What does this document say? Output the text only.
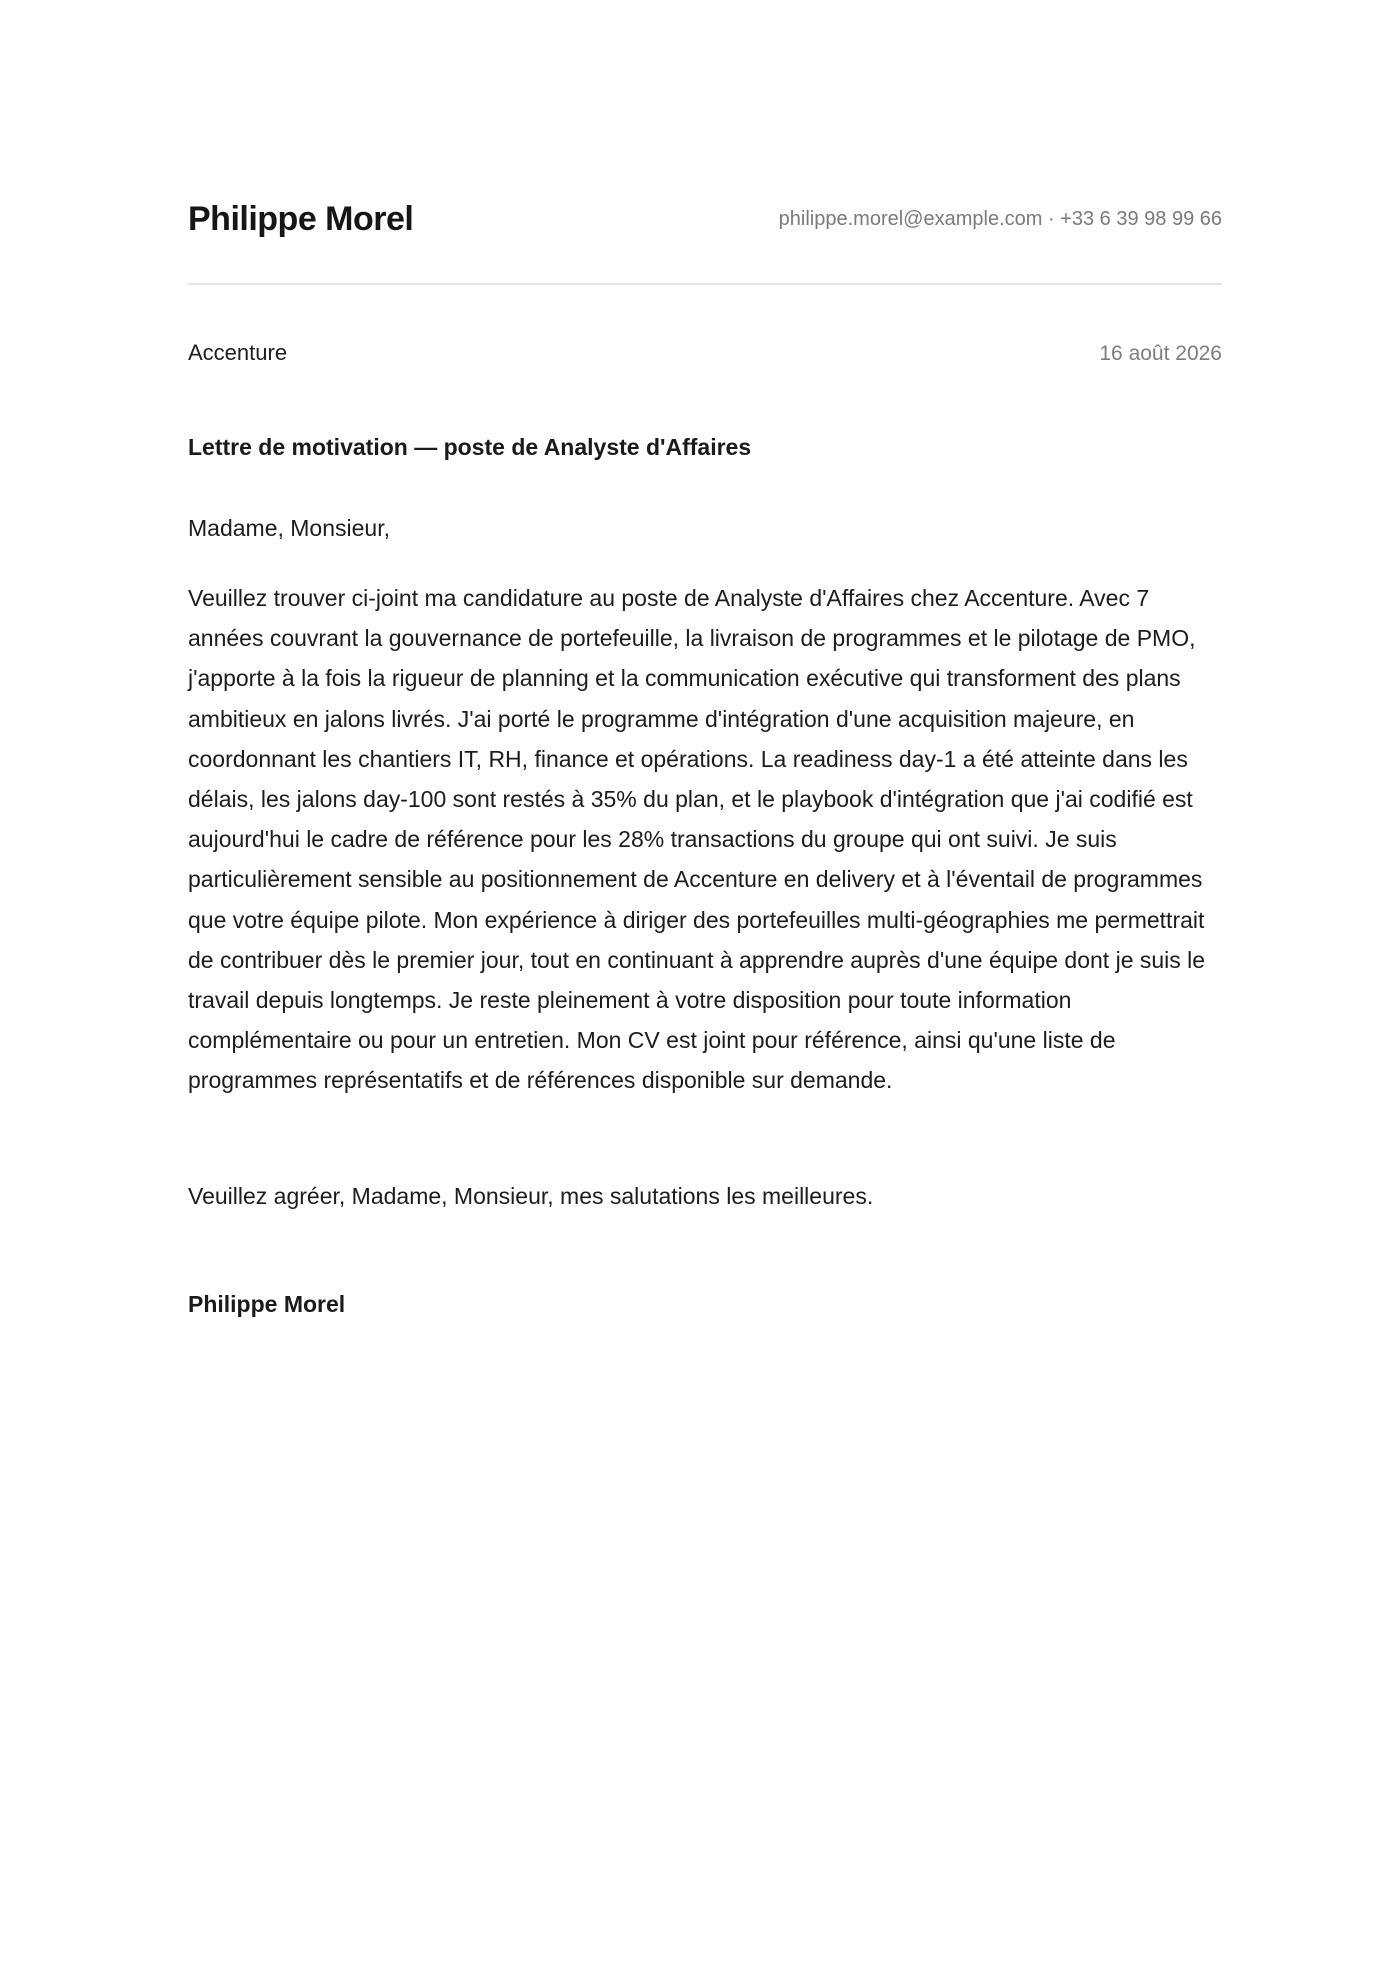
Philippe Morel	philippe.morel@example.com · +33 6 39 98 99 66
Accenture	16 août 2026
Lettre de motivation — poste de Analyste d'Affaires
Madame, Monsieur,

Veuillez trouver ci-joint ma candidature au poste de Analyste d'Affaires chez Accenture. Avec 7 années couvrant la gouvernance de portefeuille, la livraison de programmes et le pilotage de PMO, j'apporte à la fois la rigueur de planning et la communication exécutive qui transforment des plans ambitieux en jalons livrés. J'ai porté le programme d'intégration d'une acquisition majeure, en coordonnant les chantiers IT, RH, finance et opérations. La readiness day-1 a été atteinte dans les délais, les jalons day-100 sont restés à 35% du plan, et le playbook d'intégration que j'ai codifié est aujourd'hui le cadre de référence pour les 28% transactions du groupe qui ont suivi. Je suis particulièrement sensible au positionnement de Accenture en delivery et à l'éventail de programmes que votre équipe pilote. Mon expérience à diriger des portefeuilles multi-géographies me permettrait de contribuer dès le premier jour, tout en continuant à apprendre auprès d'une équipe dont je suis le travail depuis longtemps. Je reste pleinement à votre disposition pour toute information complémentaire ou pour un entretien. Mon CV est joint pour référence, ainsi qu'une liste de programmes représentatifs et de références disponible sur demande.

Veuillez agréer, Madame, Monsieur, mes salutations les meilleures.
Philippe Morel
